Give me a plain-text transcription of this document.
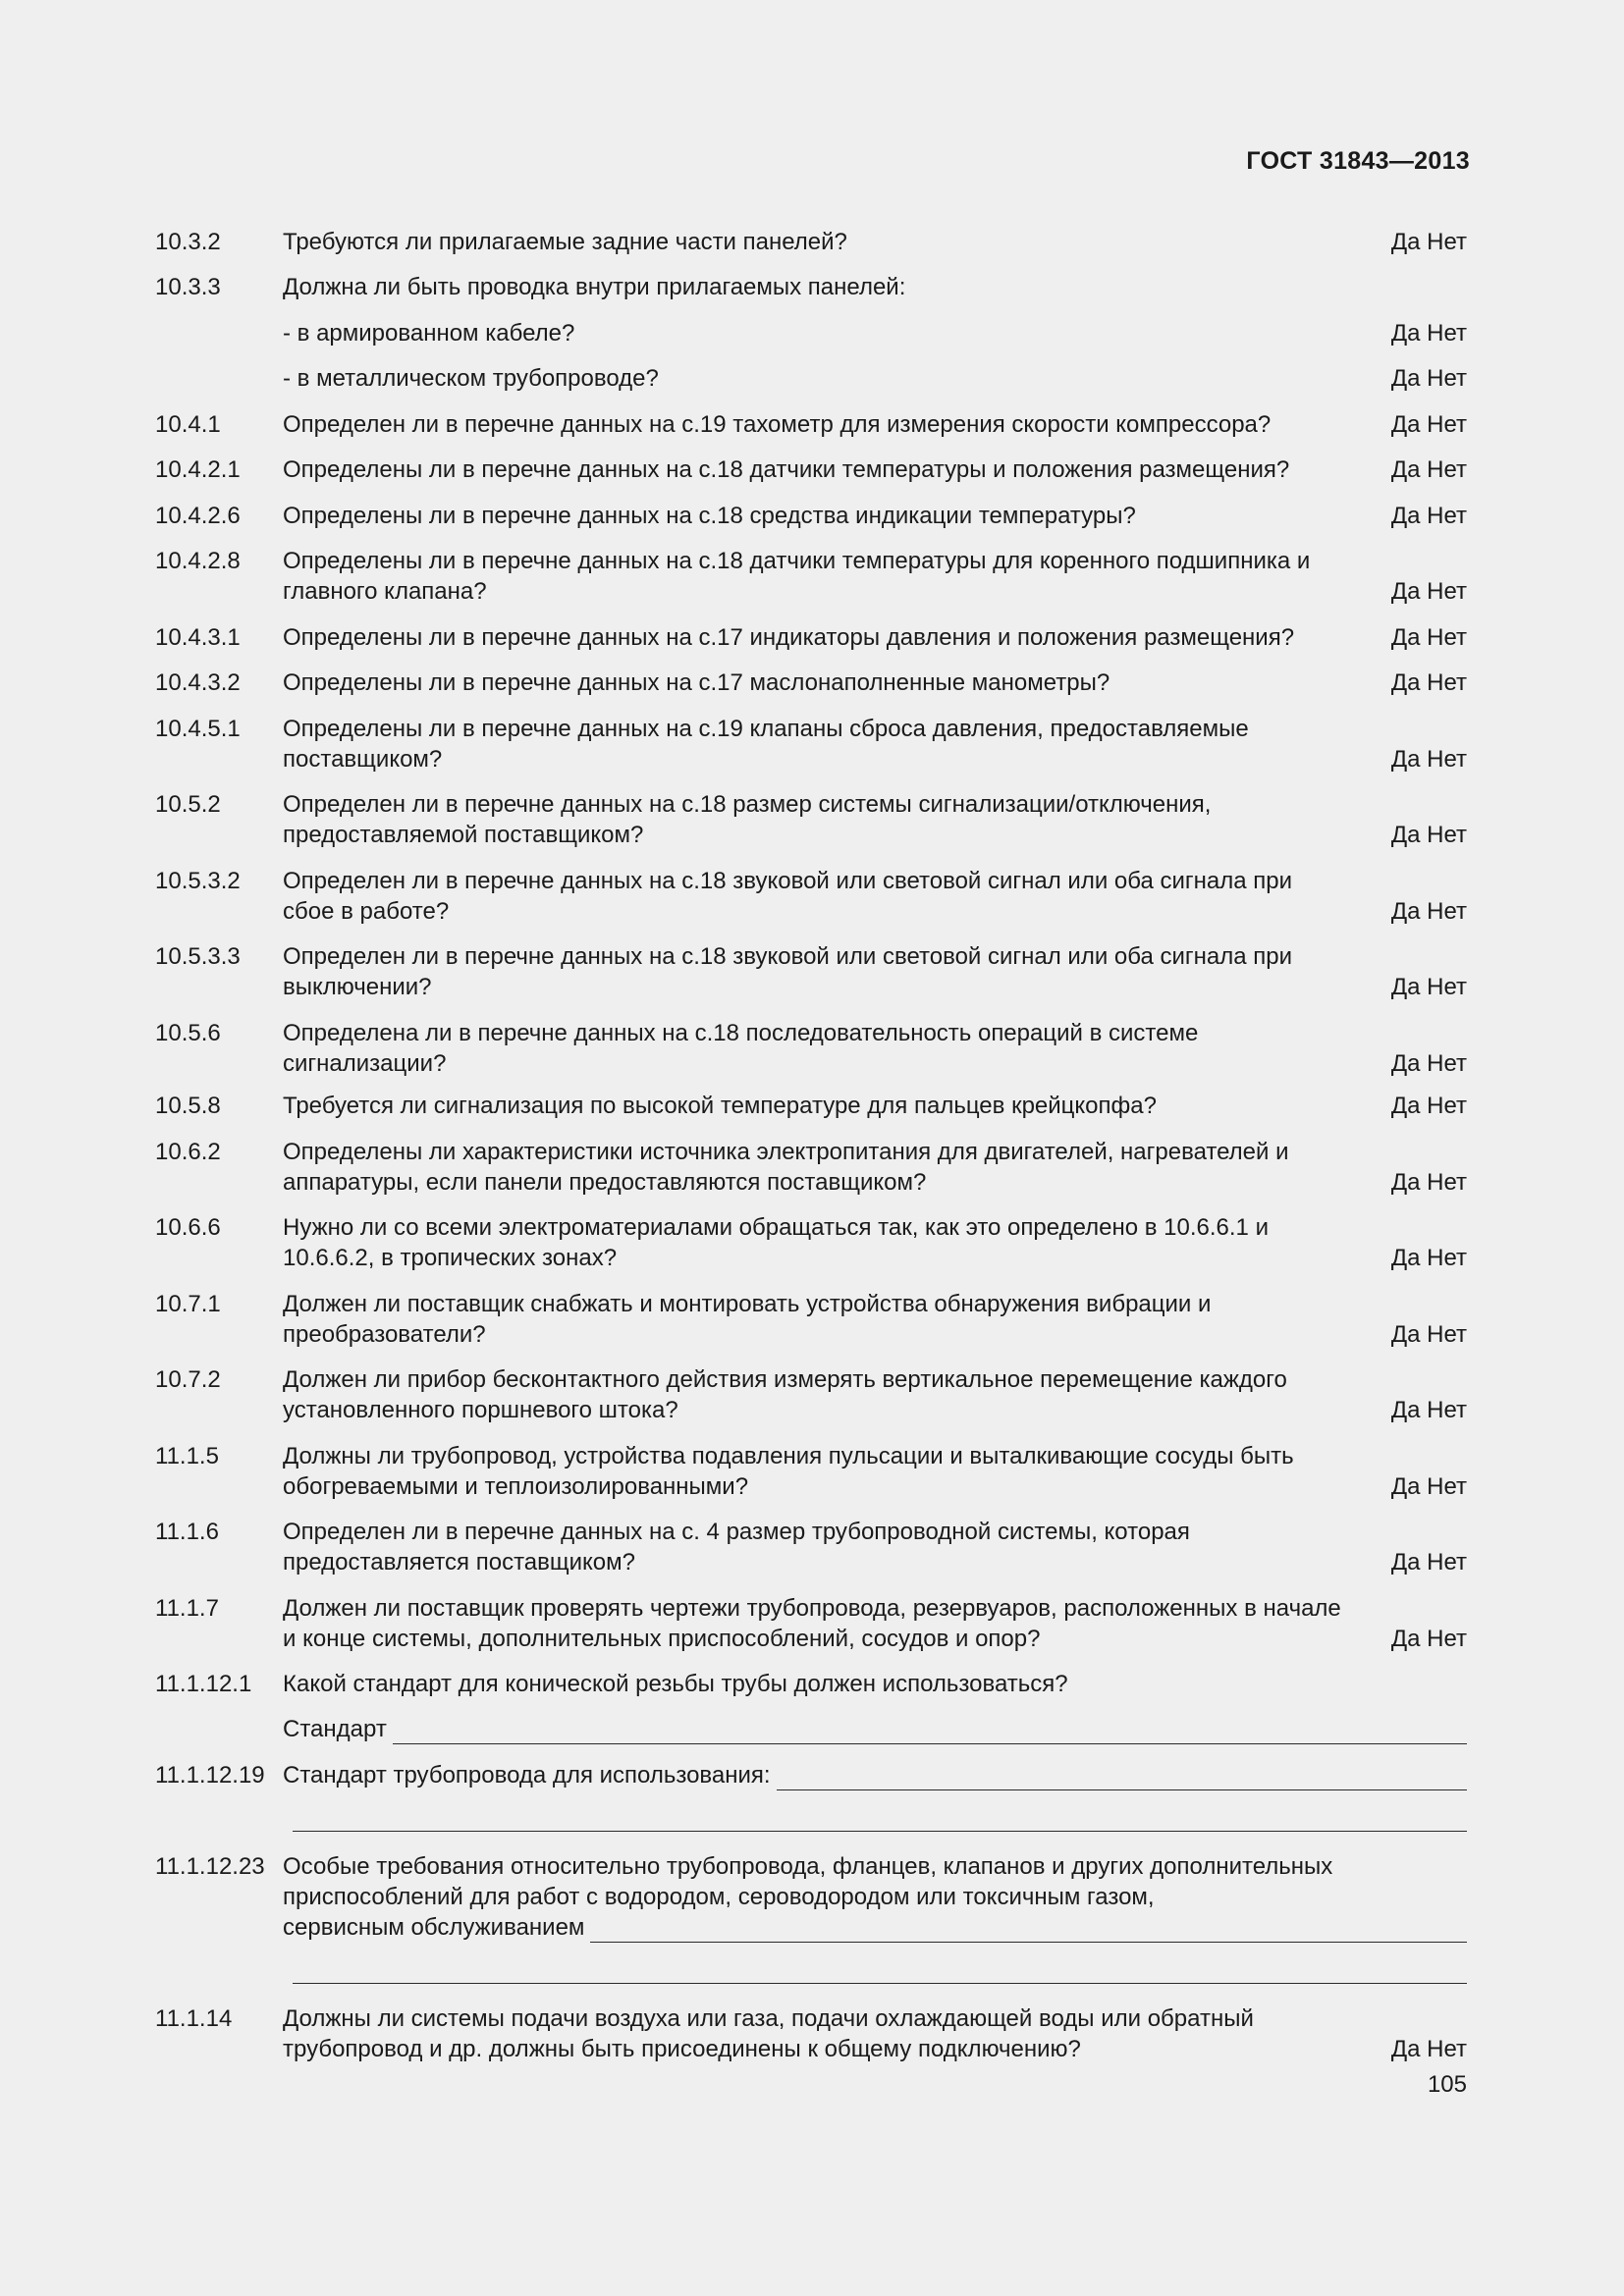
ГОСТ 31843—2013
10.3.2	Требуются ли прилагаемые задние части панелей?	Да Нет
10.3.3	Должна ли быть проводка внутри прилагаемых панелей:
- в армированном кабеле?	Да Нет
- в металлическом трубопроводе?	Да Нет
10.4.1	Определен ли в перечне данных на с.19 тахометр для измерения скорости компрессора?	Да Нет
10.4.2.1 Определены ли в перечне данных на с.18 датчики температуры и положения размещения?	Да Нет
10.4.2.6 Определены ли в перечне данных на с.18 средства индикации температуры?	Да Нет
10.4.2.8 Определены ли в перечне данных на с.18 датчики температуры для коренного подшипника и главного клапана?	Да Нет
10.4.3.1 Определены ли в перечне данных на с.17 индикаторы давления и положения размещения?	Да Нет
10.4.3.2 Определены ли в перечне данных на с.17 маслонаполненные манометры?	Да Нет
10.4.5.1 Определены ли в перечне данных на с.19 клапаны сброса давления, предоставляемые поставщиком?	Да Нет
10.5.2	Определен ли в перечне данных на с.18 размер системы сигнализации/отключения, предоставляемой поставщиком?	Да Нет
10.5.3.2 Определен ли в перечне данных на с.18 звуковой или световой сигнал или оба сигнала при сбое в работе?	Да Нет
10.5.3.3 Определен ли в перечне данных на с.18 звуковой или световой сигнал или оба сигнала при выключении?	Да Нет
10.5.6	Определена ли в перечне данных на с.18 последовательность операций в системе сигнализации?	Да Нет
10.5.8	Требуется ли сигнализация по высокой температуре для пальцев крейцкопфа?	Да Нет
10.6.2	Определены ли характеристики источника электропитания для двигателей, нагревателей и аппаратуры, если панели предоставляются поставщиком?	Да Нет
10.6.6	Нужно ли со всеми электроматериалами обращаться так, как это определено в 10.6.6.1 и 10.6.6.2, в тропических зонах?	Да Нет
10.7.1	Должен ли поставщик снабжать и монтировать устройства обнаружения вибрации и преобразователи?	Да Нет
10.7.2	Должен ли прибор бесконтактного действия измерять вертикальное перемещение каждого установленного поршневого штока?	Да Нет
11.1.5	Должны ли трубопровод, устройства подавления пульсации и выталкивающие сосуды быть обогреваемыми и теплоизолированными?	Да Нет
11.1.6	Определен ли в перечне данных на с. 4 размер трубопроводной системы, которая предоставляется поставщиком?	Да Нет
11.1.7	Должен ли поставщик проверять чертежи трубопровода, резервуаров, расположенных в начале и конце системы, дополнительных приспособлений, сосудов и опор?	Да Нет
11.1.12.1 Какой стандарт для конической резьбы трубы должен использоваться?
Стандарт
11.1.12.19 Стандарт трубопровода для использования:
11.1.12.23 Особые требования относительно трубопровода, фланцев, клапанов и других дополнительных приспособлений для работ с водородом, сероводородом или токсичным газом,
сервисным обслуживанием
11.1.14 Должны ли системы подачи воздуха или газа, подачи охлаждающей воды или обратный трубопровод и др. должны быть присоединены к общему подключению?	Да Нет
105
